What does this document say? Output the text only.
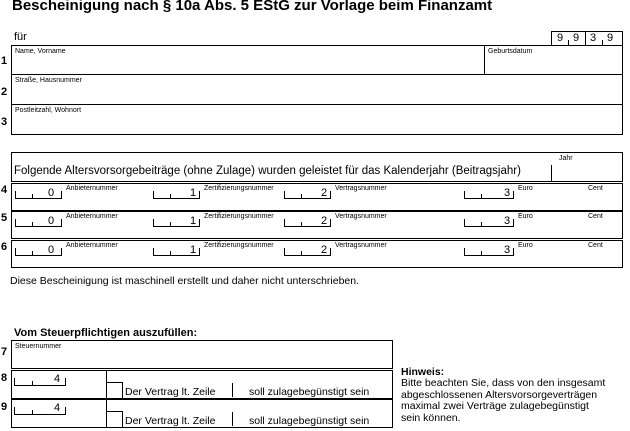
Bescheinigung nach § 10a Abs. 5 EStG zur Vorlage beim Finanzamt
für	9 9 3 9
1
Name, Vorname	Geburtsdatum
2
Straße, Hausnummer
3
Postleitzahl, Wohnort
Jahr
Folgende Altersvorsorgebeiträge (ohne Zulage) wurden geleistet für das Kalenderjahr (Beitragsjahr)
4	0 Anbieternummer	1 Zertifizierungsnummer	2 Vertragsnummer	3 Euro	Cent
5	0 Anbieternummer	1 Zertifizierungsnummer	2 Vertragsnummer	3 Euro	Cent
6	0 Anbieternummer	1 Zertifizierungsnummer	2 Vertragsnummer	3 Euro	Cent
Diese Bescheinigung ist maschinell erstellt und daher nicht unterschrieben.
Vom Steuerpflichtigen auszufüllen:
7 Steuernummer
8	4
Der Vertrag lt. Zeile	soll zulagebegünstigt sein
9	4
Der Vertrag lt. Zeile	soll zulagebegünstigt sein
Hinweis:
Bitte beachten Sie, dass von den insgesamt
abgeschlossenen Altersvorsorgeverträgen
maximal zwei Verträge zulagebegünstigt
sein können.
